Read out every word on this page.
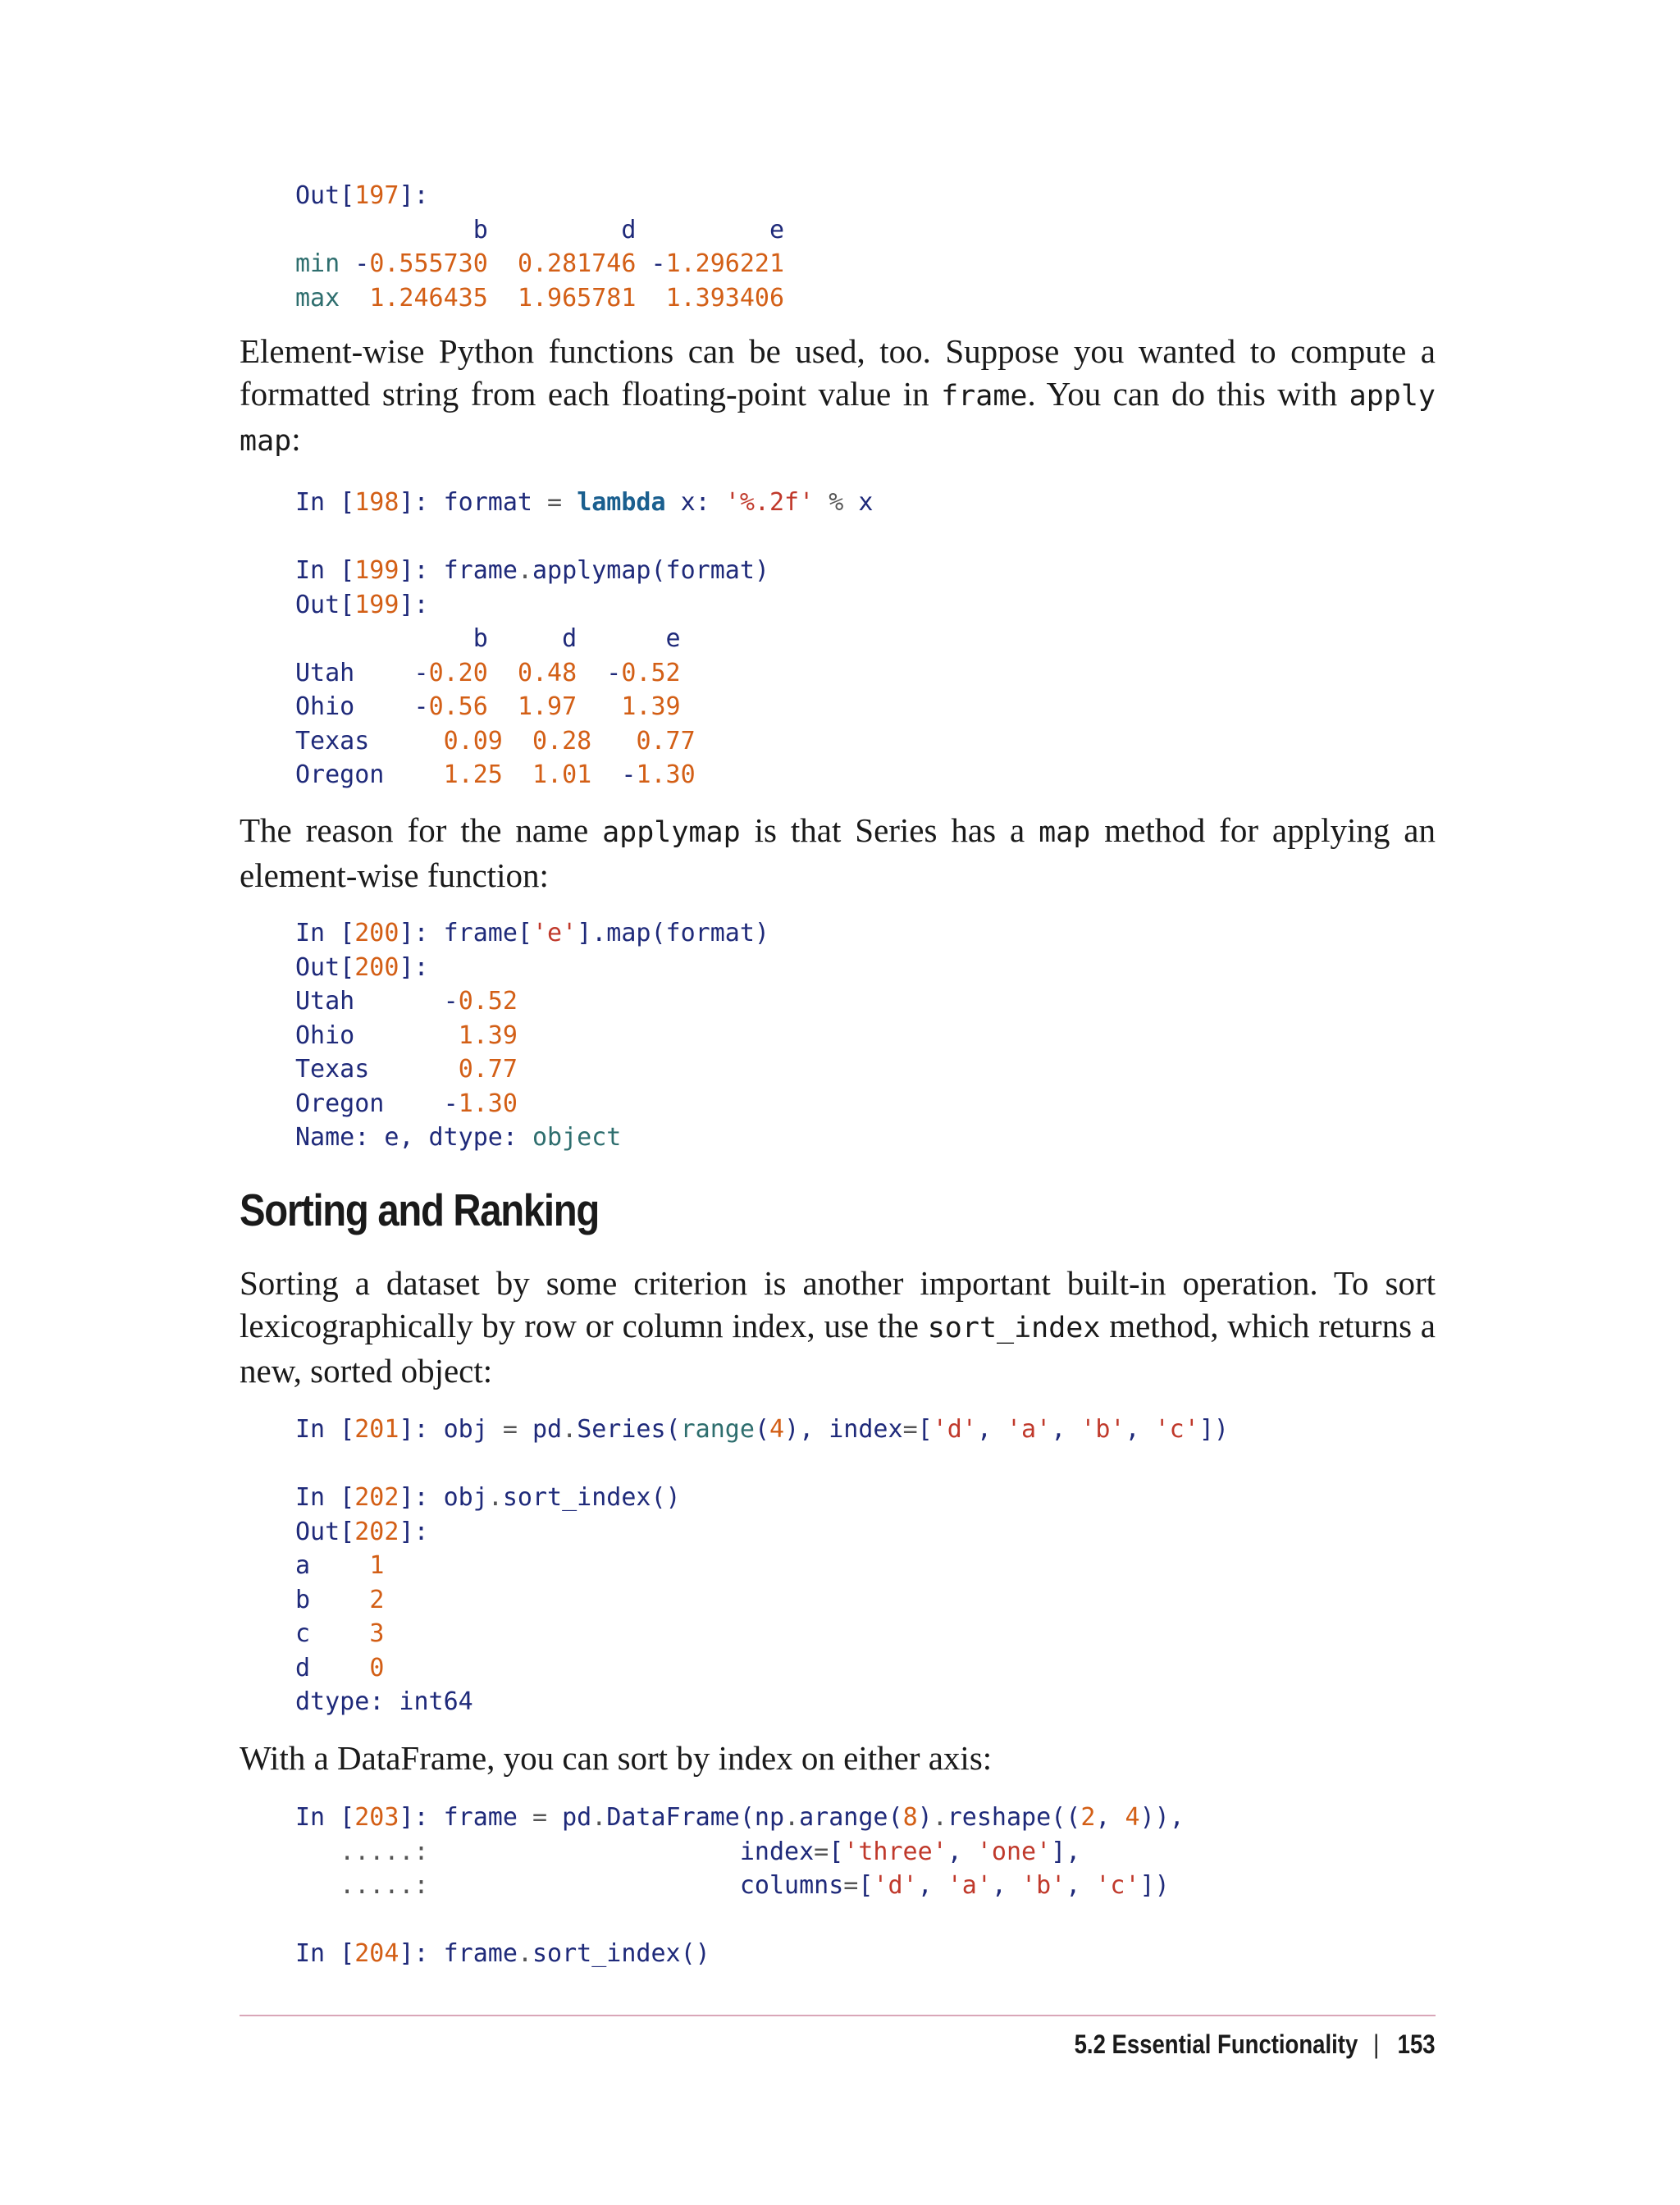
Out[197]:
b         d         e
min -0.555730 0.281746 -1.296221
max  1.246435 1.965781 1.393406

Element-wise Python functions can be used, too. Suppose you wanted to compute a formatted string from each floating-point value in frame. You can do this with apply map:

In [198]: format = lambda x: '%.2f' % x

In [199]: frame.applymap(format)
Out[199]:
b     d      e
Utah    -0.20 0.48  -0.52
Ohio    -0.56 1.97 1.39
Texas     0.09 0.28 0.77
Oregon    1.25 1.01  -1.30

The reason for the name applymap is that Series has a map method for applying an element-wise function:

In [200]: frame['e'].map(format)
Out[200]:
Utah      -0.52
Ohio       1.39
Texas      0.77
Oregon    -1.30
Name: e, dtype: object
Sorting and Ranking

Sorting a dataset by some criterion is another important built-in operation. To sort lexicographically by row or column index, use the sort_index method, which returns a new, sorted object:

In [201]: obj = pd.Series(range(4), index=['d', 'a', 'b', 'c'])

In [202]: obj.sort_index()
Out[202]:
a    1
b    2
c    3
d    0
dtype: int64

With a DataFrame, you can sort by index on either axis:

In [203]: frame = pd.DataFrame(np.arange(8).reshape((2, 4)),
.....:                     index=['three', 'one'],
.....:                     columns=['d', 'a', 'b', 'c'])

In [204]: frame.sort_index()
5.2 Essential Functionality | 153
